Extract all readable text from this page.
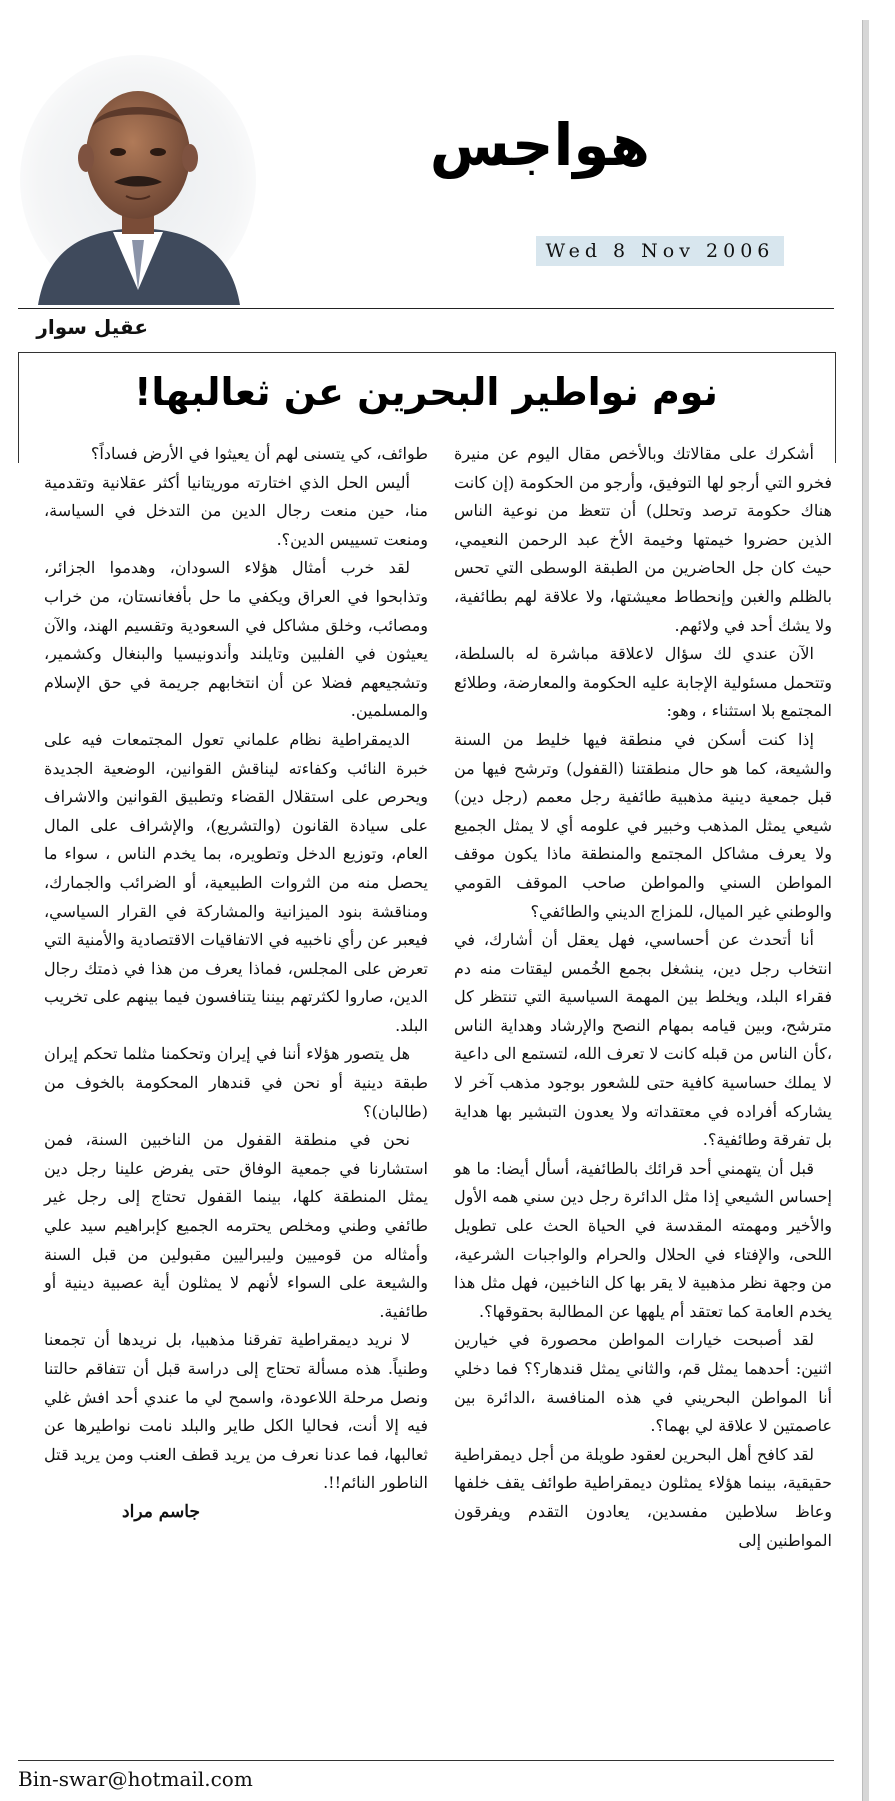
هواجس
Wed 8 Nov 2006
عقيل سوار
نوم نواطير البحرين عن ثعالبها!

أشكرك على مقالاتك وبالأخص مقال اليوم عن منيرة فخرو التي أرجو لها التوفيق، وأرجو من الحكومة (إن كانت هناك حكومة ترصد وتحلل) أن تتعظ من نوعية الناس الذين حضروا خيمتها وخيمة الأخ عبد الرحمن النعيمي، حيث كان جل الحاضرين من الطبقة الوسطى التي تحس بالظلم والغبن وإنحطاط معيشتها، ولا علاقة لهم بطائفية، ولا يشك أحد في ولائهم.

الآن عندي لك سؤال لاعلاقة مباشرة له بالسلطة، وتتحمل مسئولية الإجابة عليه الحكومة والمعارضة، وطلائع المجتمع بلا استثناء ، وهو:

إذا كنت أسكن في منطقة فيها خليط من السنة والشيعة، كما هو حال منطقتنا (القفول) وترشح فيها من قبل جمعية دينية مذهبية طائفية رجل معمم (رجل دين) شيعي يمثل المذهب وخبير في علومه أي لا يمثل الجميع ولا يعرف مشاكل المجتمع والمنطقة ماذا يكون موقف المواطن السني والمواطن صاحب الموقف القومي والوطني غير الميال، للمزاج الديني والطائفي؟

أنا أتحدث عن أحساسي، فهل يعقل أن أشارك، في انتخاب رجل دين، ينشغل بجمع الخُمس ليقتات منه دم فقراء البلد، ويخلط بين المهمة السياسية التي تنتظر كل مترشح، وبين قيامه بمهام النصح والإرشاد وهداية الناس ،كأن الناس من قبله كانت لا تعرف الله، لتستمع الى داعية لا يملك حساسية كافية حتى للشعور بوجود مذهب آخر لا يشاركه أفراده في معتقداته ولا يعدون التبشير بها هداية بل تفرقة وطائفية؟.

قبل أن يتهمني أحد قرائك بالطائفية، أسأل أيضا: ما هو إحساس الشيعي إذا مثل الدائرة رجل دين سني همه الأول والأخير ومهمته المقدسة في الحياة الحث على تطويل اللحى، والإفتاء في الحلال والحرام والواجبات الشرعية، من وجهة نظر مذهبية لا يقر بها كل الناخبين، فهل مثل هذا يخدم العامة كما تعتقد أم يلهها عن المطالبة بحقوقها؟.

لقد أصبحت خيارات المواطن محصورة في خيارين اثنين: أحدهما يمثل قم، والثاني يمثل قندهار؟؟ فما دخلي أنا المواطن البحريني في هذه المنافسة ،الدائرة بين عاصمتين لا علاقة لي بهما؟.

لقد كافح أهل البحرين لعقود طويلة من أجل ديمقراطية حقيقية، بينما هؤلاء يمثلون ديمقراطية طوائف يقف خلفها وعاظ سلاطين مفسدين، يعادون التقدم ويفرقون المواطنين إلى

طوائف، كي يتسنى لهم أن يعيثوا في الأرض فساداً؟

أليس الحل الذي اختارته موريتانيا أكثر عقلانية وتقدمية منا، حين منعت رجال الدين من التدخل في السياسة، ومنعت تسييس الدين؟.

لقد خرب أمثال هؤلاء السودان، وهدموا الجزائر، وتذابحوا في العراق ويكفي ما حل بأفغانستان، من خراب ومصائب، وخلق مشاكل في السعودية وتقسيم الهند، والآن يعيثون في الفلبين وتايلند وأندونيسيا والبنغال وكشمير، وتشجيعهم فضلا عن أن انتخابهم جريمة في حق الإسلام والمسلمين.

الديمقراطية نظام علماني تعول المجتمعات فيه على خبرة النائب وكفاءته ليناقش القوانين، الوضعية الجديدة ويحرص على استقلال القضاء وتطبيق القوانين والاشراف على سيادة القانون (والتشريع)، والإشراف على المال العام، وتوزيع الدخل وتطويره، بما يخدم الناس ، سواء ما يحصل منه من الثروات الطبيعية، أو الضرائب والجمارك، ومناقشة بنود الميزانية والمشاركة في القرار السياسي، فيعبر عن رأي ناخبيه في الاتفاقيات الاقتصادية والأمنية التي تعرض على المجلس، فماذا يعرف من هذا في ذمتك رجال الدين، صاروا لكثرتهم بيننا يتنافسون فيما بينهم على تخريب البلد.

هل يتصور هؤلاء أننا في إيران وتحكمنا مثلما تحكم إيران طبقة دينية أو نحن في قندهار المحكومة بالخوف من (طالبان)؟

نحن في منطقة القفول من الناخبين السنة، فمن استشارنا في جمعية الوفاق حتى يفرض علينا رجل دين يمثل المنطقة كلها، بينما القفول تحتاج إلى رجل غير طائفي وطني ومخلص يحترمه الجميع كإبراهيم سيد علي وأمثاله من قوميين وليبراليين مقبولين من قبل السنة والشيعة على السواء لأنهم لا يمثلون أية عصبية دينية أو طائفية.

لا نريد ديمقراطية تفرقنا مذهبيا، بل نريدها أن تجمعنا وطنياً. هذه مسألة تحتاج إلى دراسة قبل أن تتفاقم حالتنا ونصل مرحلة اللاعودة، واسمح لي ما عندي أحد افش غلي فيه إلا أنت، فحاليا الكل طاير والبلد نامت نواطيرها عن ثعالبها، فما عدنا نعرف من يريد قطف العنب ومن يريد قتل الناطور النائم!!.

جاسم مراد

Bin-swar@hotmail.com
